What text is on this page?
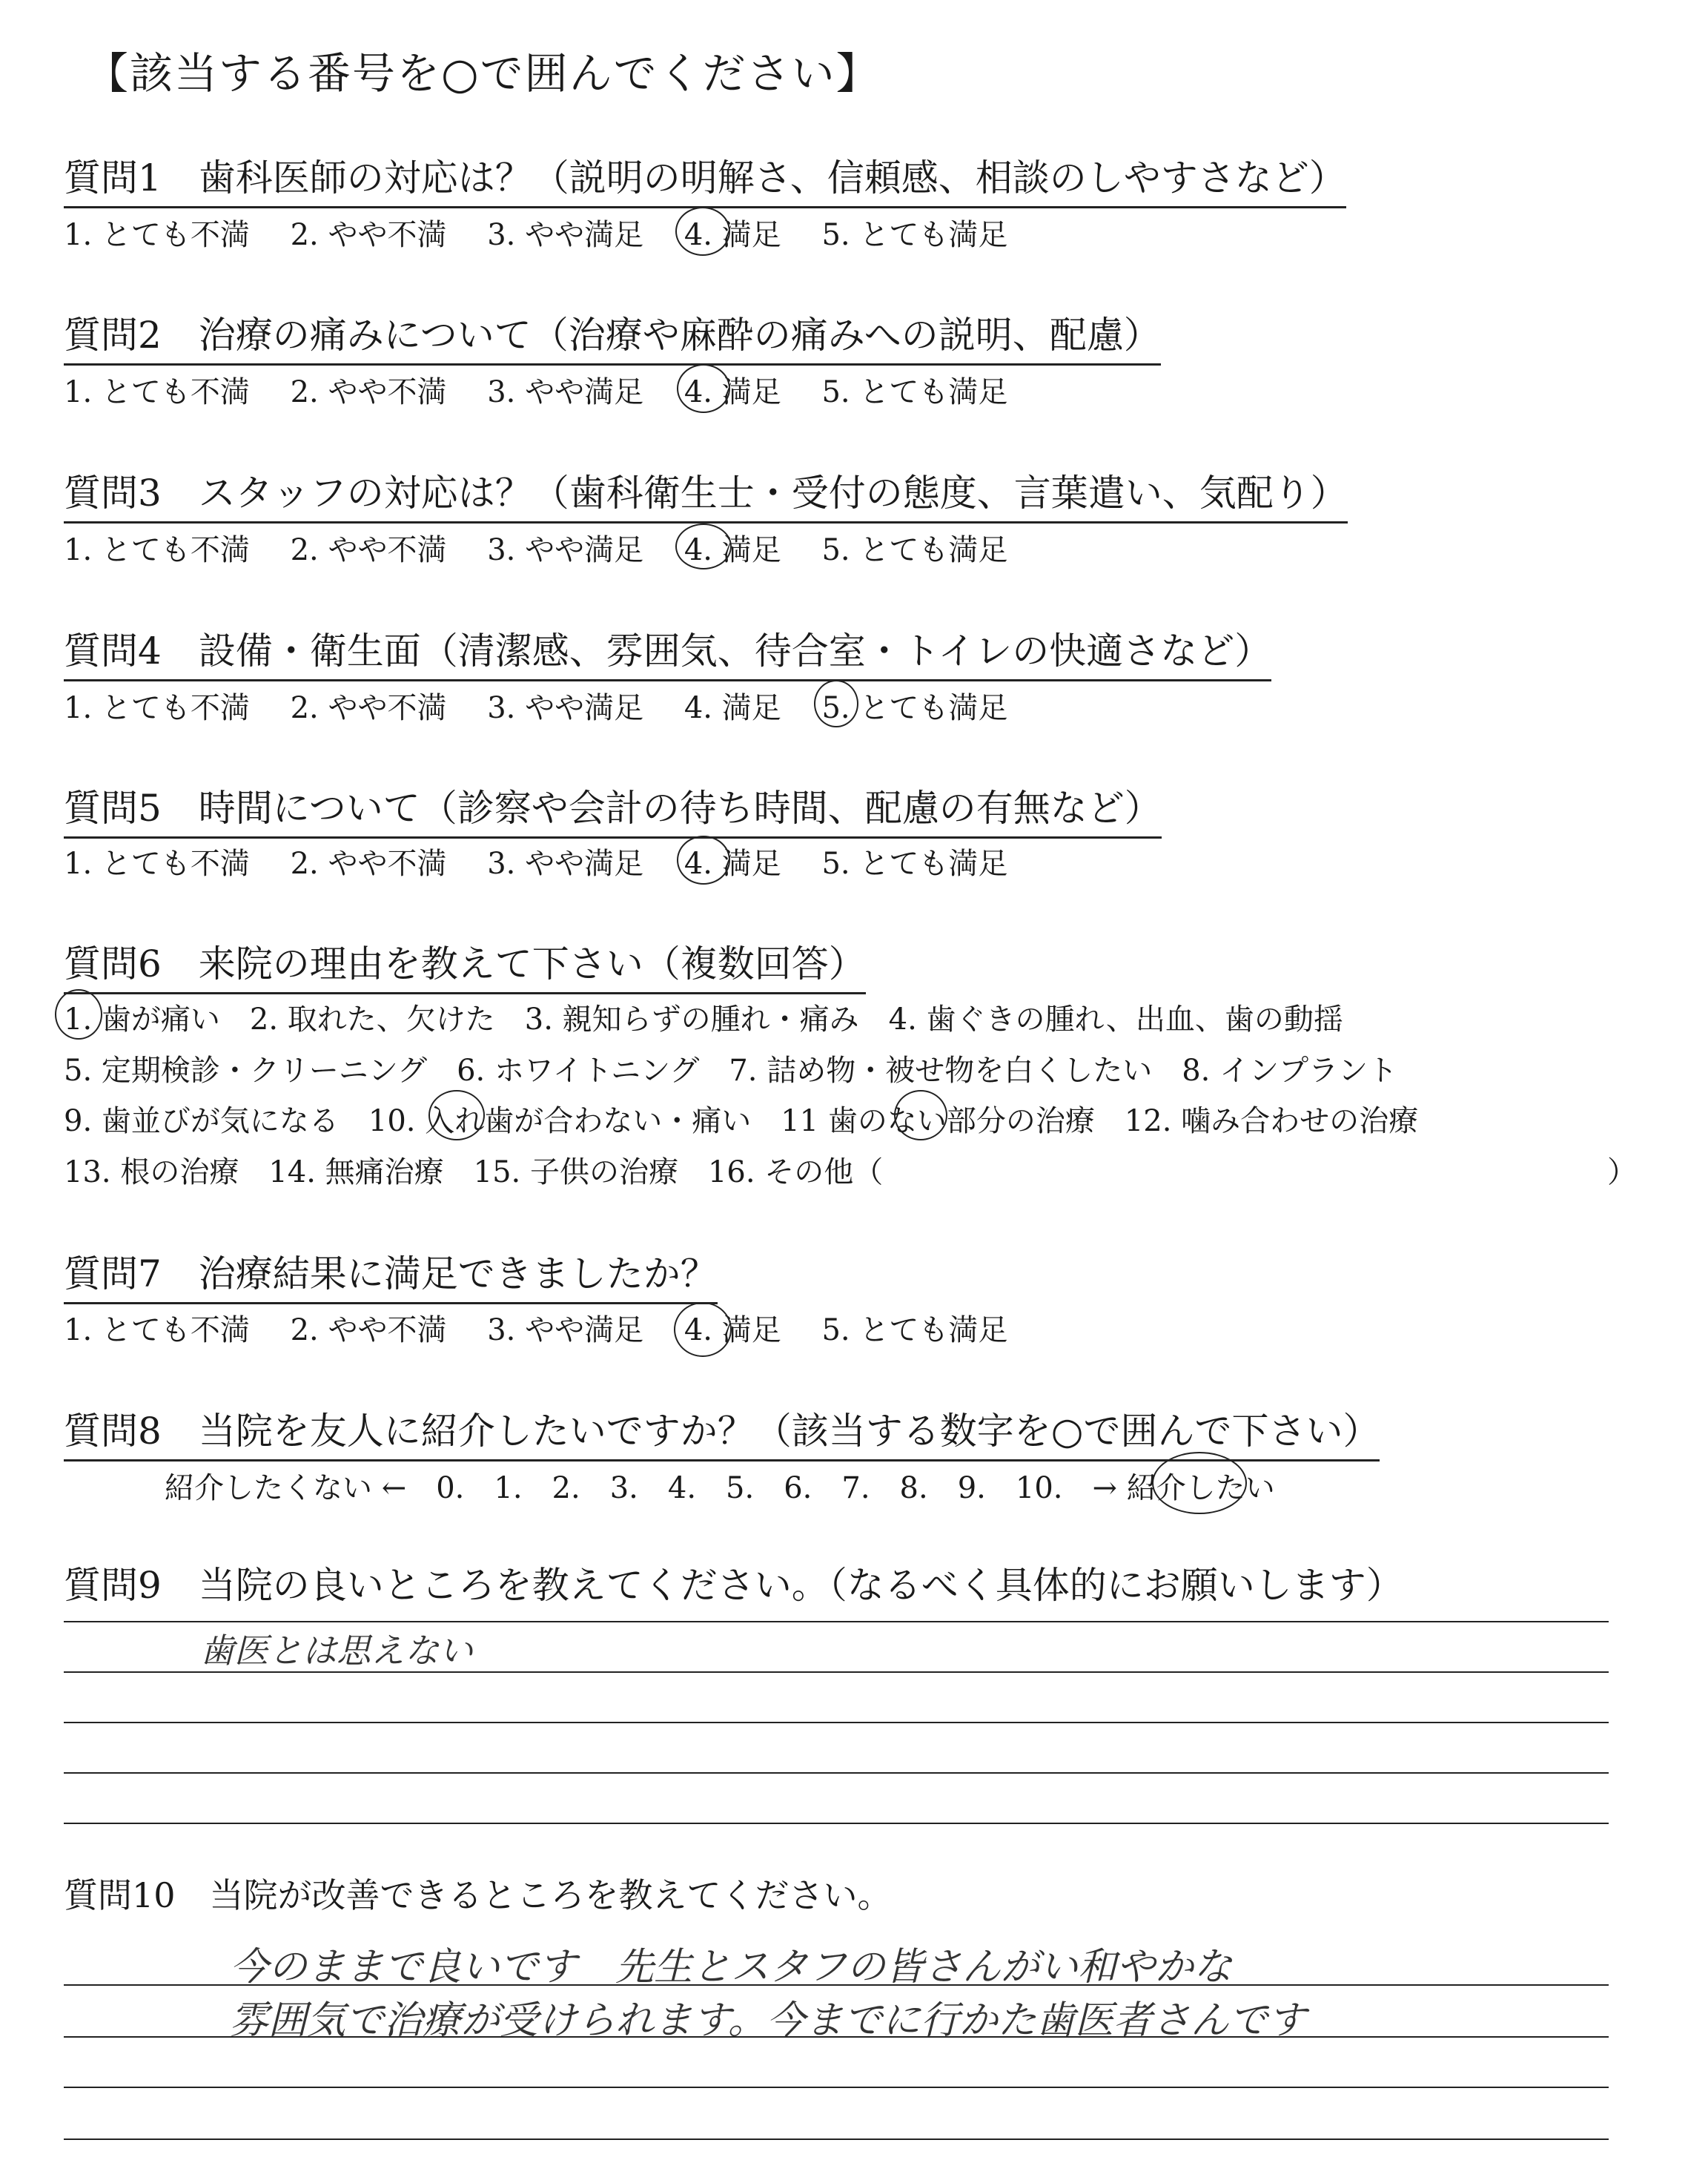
【該当する番号を○で囲んでください】
質問1　歯科医師の対応は？（説明の明解さ、信頼感、相談のしやすさなど）
1. とても不満 2. やや不満 3. やや満足 4. 満足 5. とても満足
質問2　治療の痛みについて（治療や麻酔の痛みへの説明、配慮）
1. とても不満 2. やや不満 3. やや満足 4. 満足 5. とても満足
質問3　スタッフの対応は？（歯科衛生士・受付の態度、言葉遣い、気配り）
1. とても不満 2. やや不満 3. やや満足 4. 満足 5. とても満足
質問4　設備・衛生面（清潔感、雰囲気、待合室・トイレの快適さなど）
1. とても不満 2. やや不満 3. やや満足 4. 満足 5. とても満足
質問5　時間について（診察や会計の待ち時間、配慮の有無など）
1. とても不満 2. やや不満 3. やや満足 4. 満足 5. とても満足
質問6　来院の理由を教えて下さい（複数回答）
1. 歯が痛い　2. 取れた、欠けた　3. 親知らずの腫れ・痛み　4. 歯ぐきの腫れ、出血、歯の動揺
5. 定期検診・クリーニング　6. ホワイトニング　7. 詰め物・被せ物を白くしたい　8. インプラント
9. 歯並びが気になる　10. 入れ歯が合わない・痛い　11 歯のない部分の治療　12. 噛み合わせの治療
13. 根の治療　14. 無痛治療　15. 子供の治療　16. その他（	）
質問7　治療結果に満足できましたか？
1. とても不満 2. やや不満 3. やや満足 4. 満足 5. とても満足
質問8　当院を友人に紹介したいですか？（該当する数字を○で囲んで下さい）
紹介したくない ←　0.　1.　2.　3.　4.　5.　6.　7.　8.　9.　10.　→ 紹介したい
質問9　当院の良いところを教えてください。（なるべく具体的にお願いします）
歯医とは思えない
質問10　当院が改善できるところを教えてください。
今のままで良いです　先生とスタフの皆さんがい和やかな
雰囲気で治療が受けられます。今までに行かた歯医者さんです
